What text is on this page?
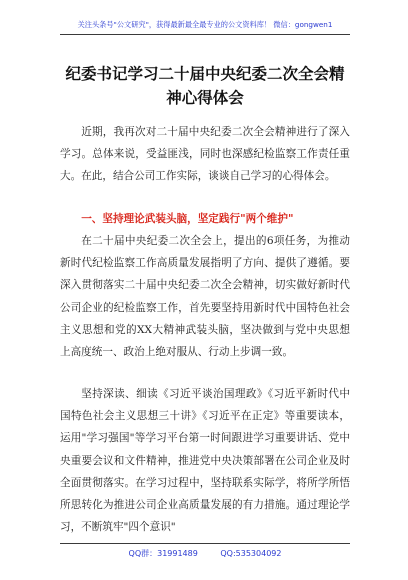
关注头条号"公文研究"，获得最新最全最专业的公文资料库！ 微信：gongwen1
纪委书记学习二十届中央纪委二次全会精神心得体会

近期，我再次对二十届中央纪委二次全会精神进行了深入学习。总体来说，受益匪浅，同时也深感纪检监察工作责任重大。在此，结合公司工作实际，谈谈自己学习的心得体会。

一、坚持理论武装头脑，坚定践行"两个维护"

在二十届中央纪委二次全会上，提出的6项任务，为推动新时代纪检监察工作高质量发展指明了方向、提供了遵循。要深入贯彻落实二十届中央纪委二次全会精神，切实做好新时代公司企业的纪检监察工作，首先要坚持用新时代中国特色社会主义思想和党的XX大精神武装头脑，坚决做到与党中央思想上高度统一、政治上绝对服从、行动上步调一致。

坚持深读、细读《习近平谈治国理政》《习近平新时代中国特色社会主义思想三十讲》《习近平在正定》等重要读本，运用"学习强国"等学习平台第一时间跟进学习重要讲话、党中央重要会议和文件精神，推进党中央决策部署在公司企业及时全面贯彻落实。在学习过程中，坚持联系实际学，将所学所悟所思转化为推进公司企业高质量发展的有力措施。通过理论学习，不断筑牢"四个意识"

QQ群：31991489	QQ:535304092
